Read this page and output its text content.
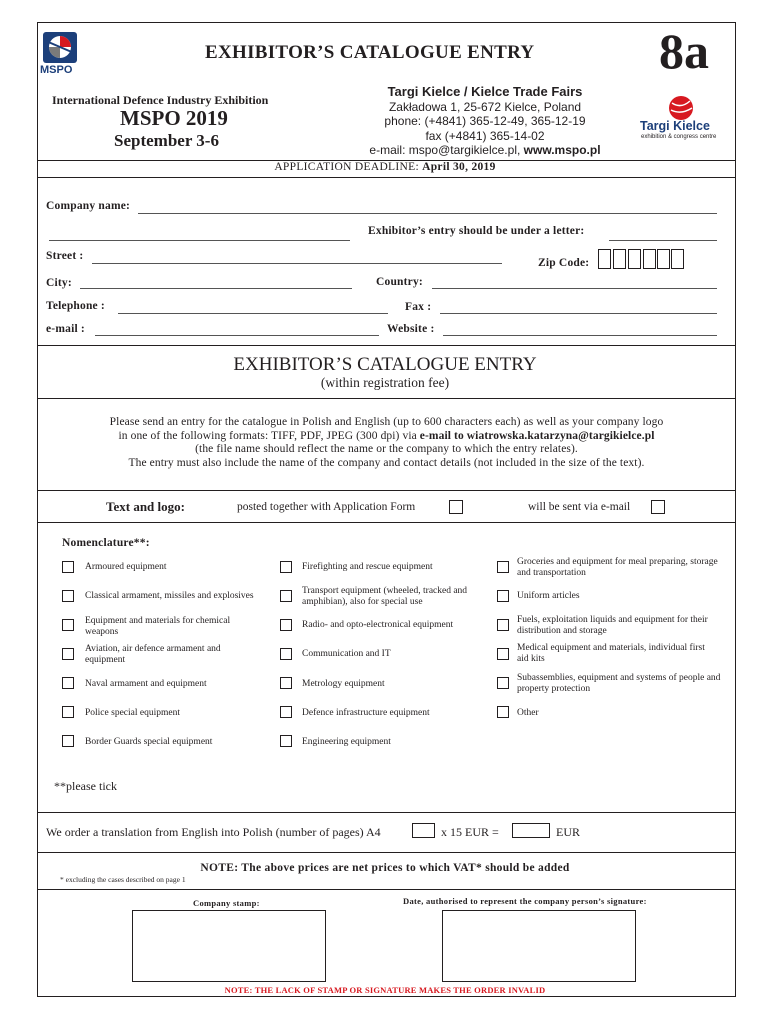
MSPO
EXHIBITOR’S CATALOGUE ENTRY 8a
International Defence Industry Exhibition
MSPO 2019
September 3-6
Targi Kielce / Kielce Trade Fairs
Zakładowa 1, 25-672 Kielce, Poland
phone: (+4841) 365-12-49, 365-12-19
fax (+4841) 365-14-02
e-mail: mspo@targikielce.pl, www.mspo.pl
Targi Kielce
exhibition & congress centre
APPLICATION DEADLINE: April 30, 2019
Company name:
Exhibitor’s entry should be under a letter:
Street :
Zip Code:
City:	Country:
Telephone :	Fax :
e-mail :	Website :
EXHIBITOR’S CATALOGUE ENTRY
(within registration fee)
Please send an entry for the catalogue in Polish and English (up to 600 characters each) as well as your company logo
in one of the following formats: TIFF, PDF, JPEG (300 dpi) via e-mail to wiatrowska.katarzyna@targikielce.pl
(the file name should reflect the name or the company to which the entry relates).
The entry must also include the name of the company and contact details (not included in the size of the text).
Text and logo:	posted together with Application Form	will be sent via e-mail
Nomenclature**:
Armoured equipment
Classical armament, missiles and explosives
Equipment and materials for chemical weapons
Aviation, air defence armament and equipment
Naval armament and equipment
Police special equipment
Border Guards special equipment
Firefighting and rescue equipment
Transport equipment (wheeled, tracked and amphibian), also for special use
Radio- and opto-electronical equipment
Communication and IT
Metrology equipment
Defence infrastructure equipment
Engineering equipment
Groceries and equipment for meal preparing, storage and transportation
Uniform articles
Fuels, exploitation liquids and equipment for their distribution and storage
Medical equipment and materials, individual first aid kits
Subassemblies, equipment and systems of people and property protection
Other
**please tick
We order a translation from English into Polish (number of pages) A4	x 15 EUR =	EUR
NOTE: The above prices are net prices to which VAT* should be added
* excluding the cases described on page 1
Company stamp:	Date, authorised to represent the company person’s signature:
NOTE: THE LACK OF STAMP OR SIGNATURE MAKES THE ORDER INVALID
